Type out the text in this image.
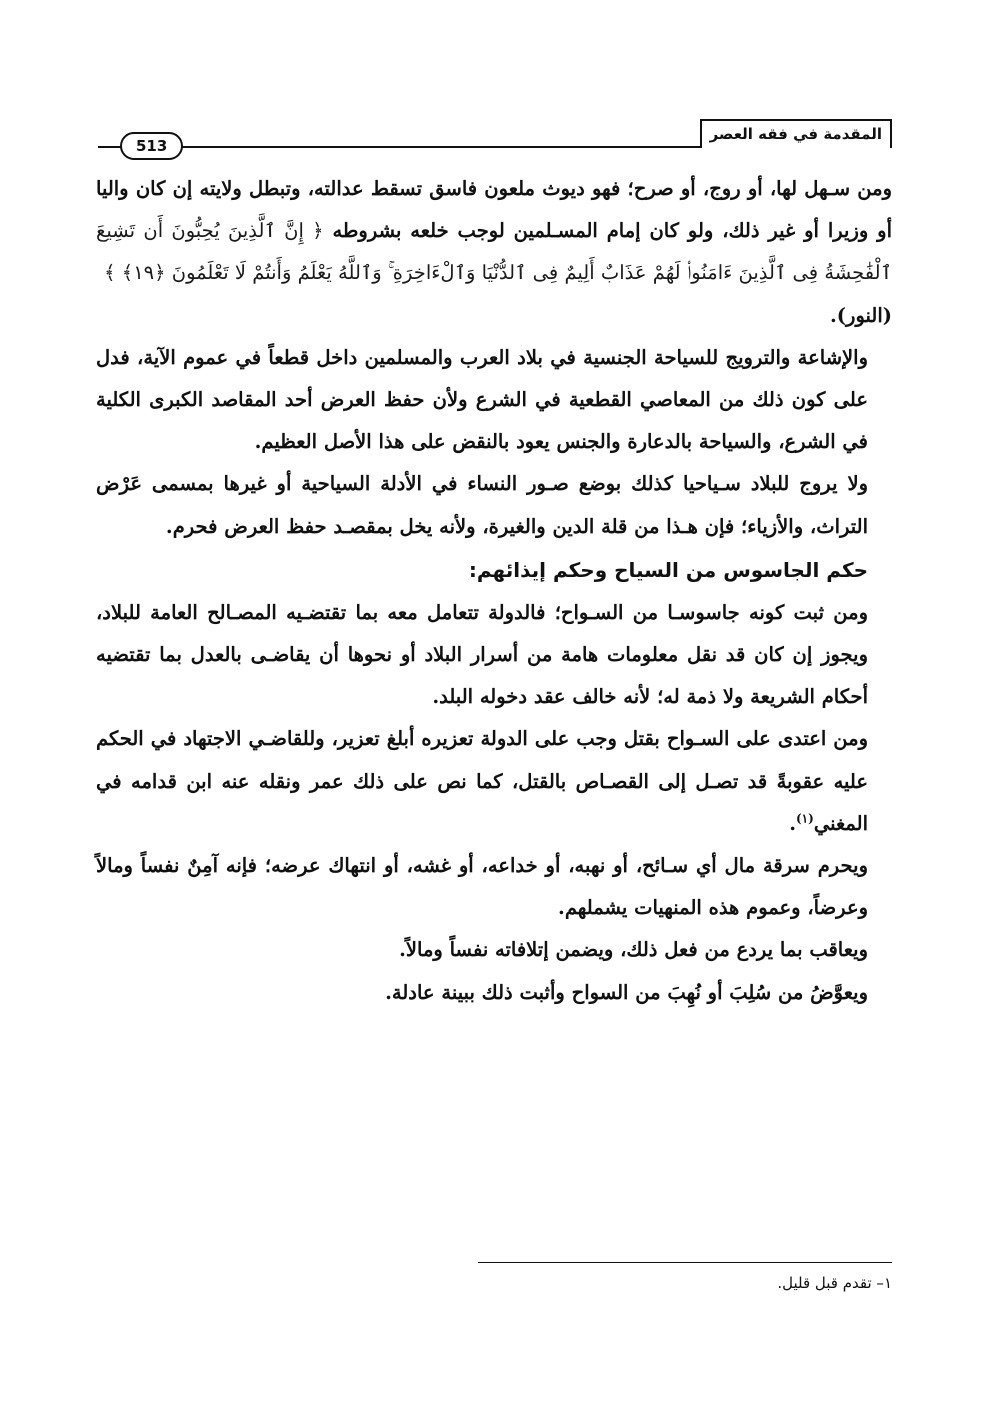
المقدمة في فقه العصر
513

ومن سـهل لها، أو روج، أو صرح؛ فهو ديوث ملعون فاسق تسقط عدالته، وتبطل ولايته إن كان واليا أو وزيرا أو غير ذلك، ولو كان إمام المسـلمين لوجب خلعه بشروطه ﴿ إِنَّ ٱلَّذِينَ يُحِبُّونَ أَن تَشِيعَ ٱلْفَٰحِشَةُ فِى ٱلَّذِينَ ءَامَنُوا۟ لَهُمْ عَذَابٌ أَلِيمٌ فِى ٱلدُّنْيَا وَٱلْءَاخِرَةِ ۚ وَٱللَّهُ يَعْلَمُ وَأَنتُمْ لَا تَعْلَمُونَ ﴿١٩﴾ ﴾

(النور).

والإشاعة والترويج للسياحة الجنسية في بلاد العرب والمسلمين داخل قطعاً في عموم الآية، فدل على كون ذلك من المعاصي القطعية في الشرع ولأن حفظ العرض أحد المقاصد الكبرى الكلية في الشرع، والسياحة بالدعارة والجنس يعود بالنقض على هذا الأصل العظيم.

ولا يروج للبلاد سـياحيا كذلك بوضع صـور النساء في الأدلة السياحية أو غيرها بمسمى عَرْض التراث، والأزياء؛ فإن هـذا من قلة الدين والغيرة، ولأنه يخل بمقصـد حفظ العرض فحرم.

حكم الجاسوس من السياح وحكم إيذائهم:

ومن ثبت كونه جاسوسـا من السـواح؛ فالدولة تتعامل معه بما تقتضـيه المصـالح العامة للبلاد، ويجوز إن كان قد نقل معلومات هامة من أسرار البلاد أو نحوها أن يقاضـى بالعدل بما تقتضيه أحكام الشريعة ولا ذمة له؛ لأنه خالف عقد دخوله البلد.

ومن اعتدى على السـواح بقتل وجب على الدولة تعزيره أبلغ تعزير، وللقاضـي الاجتهاد في الحكم عليه عقوبةً قد تصـل إلى القصـاص بالقتل، كما نص على ذلك عمر ونقله عنه ابن قدامه في المغني$^{(١)}$.

ويحرم سرقة مال أي سـائح، أو نهبه، أو خداعه، أو غشه، أو انتهاك عرضه؛ فإنه آمِنٌ نفساً ومالاً وعرضاً، وعموم هذه المنهيات يشملهم.

ويعاقب بما يردع من فعل ذلك، ويضمن إتلافاته نفساً ومالاً.

ويعوَّضُ من سُلِبَ أو نُهِبَ من السواح وأثبت ذلك ببينة عادلة.

١– تقدم قبل قليل.
